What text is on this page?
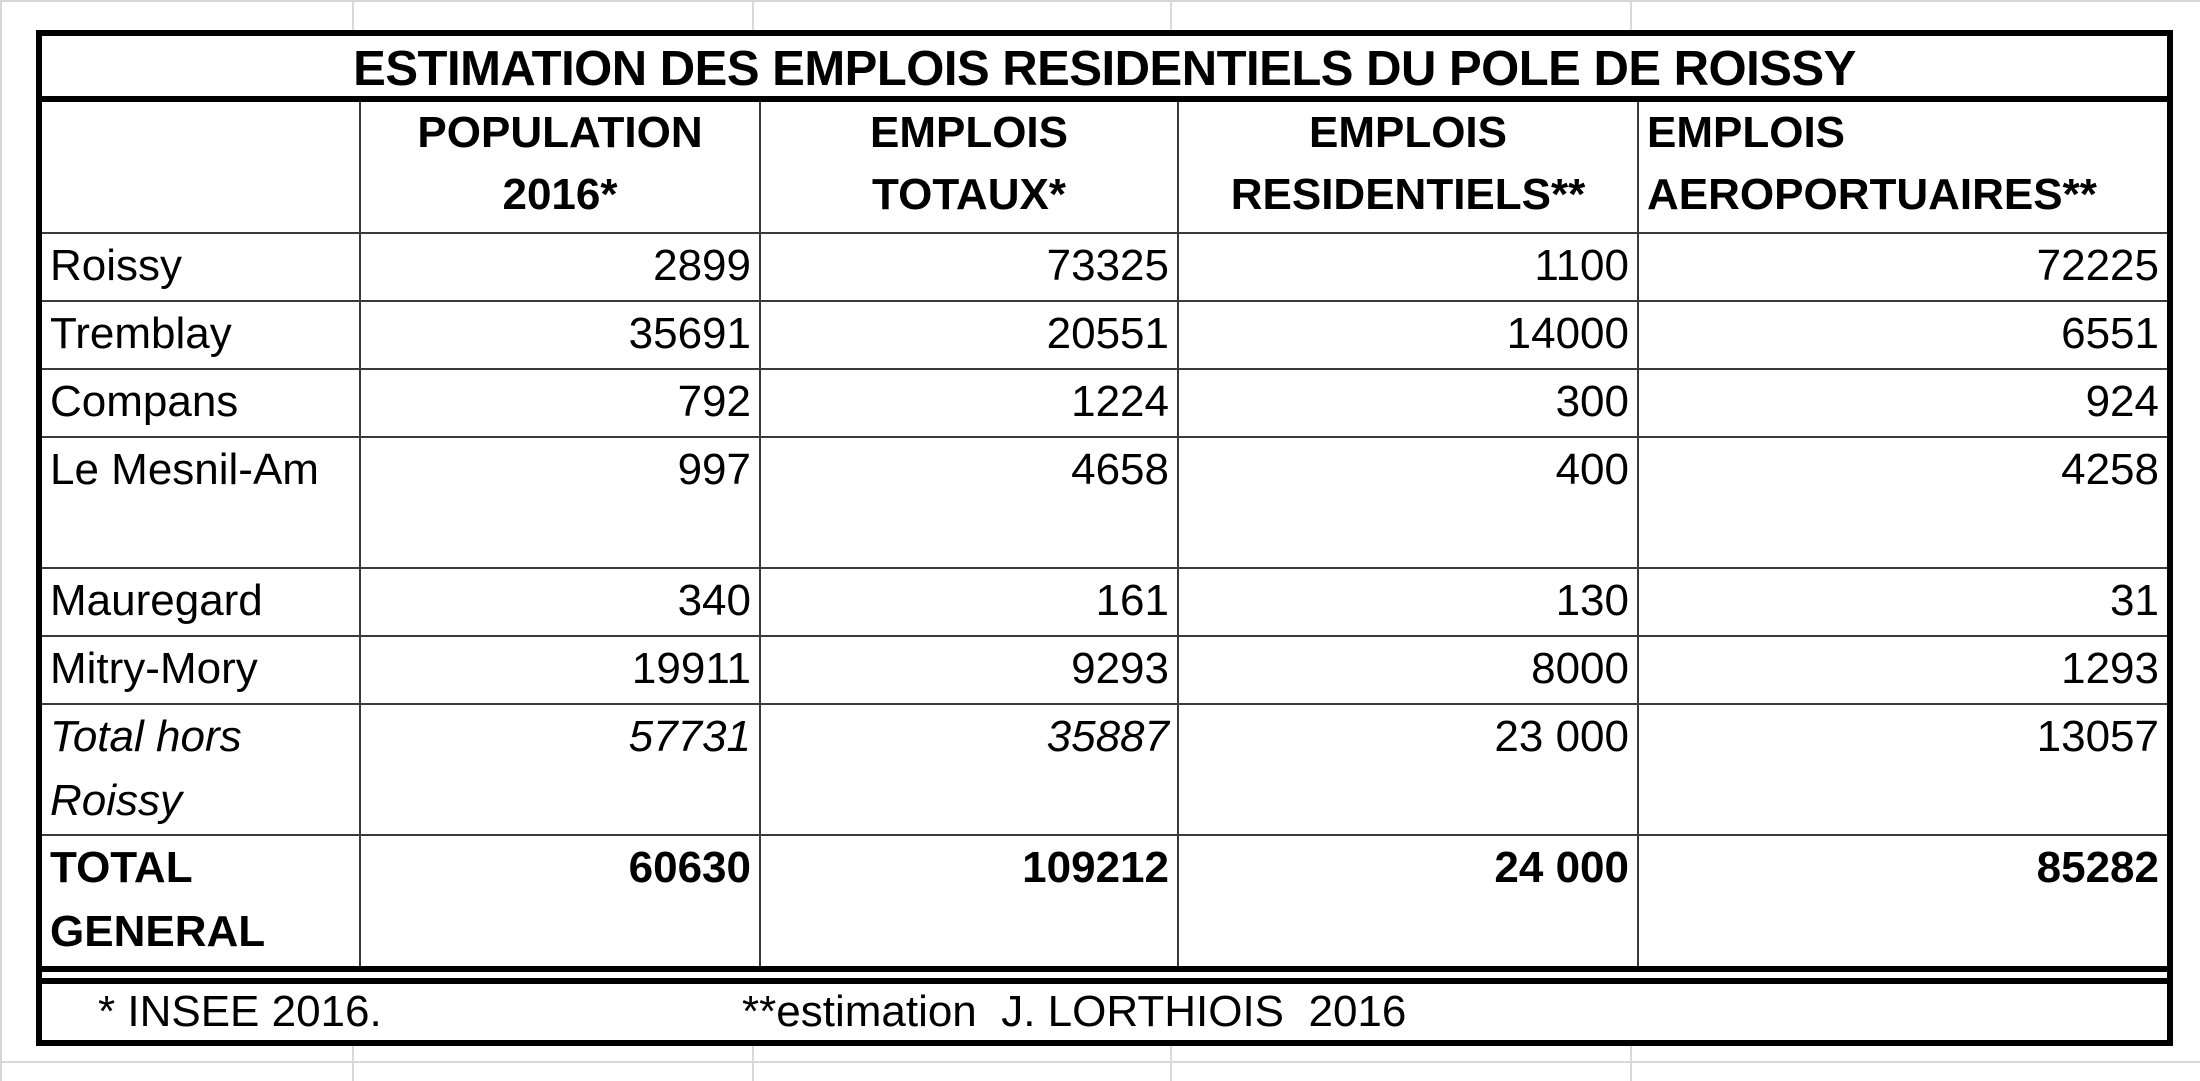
ESTIMATION DES EMPLOIS RESIDENTIELS DU POLE DE ROISSY
	POPULATION 2016*	EMPLOIS TOTAUX*	EMPLOIS RESIDENTIELS**	EMPLOIS AEROPORTUAIRES**
Roissy	2899	73325	1100	72225
Tremblay	35691	20551	14000	6551
Compans	792	1224	300	924
Le Mesnil-Am	997	4658	400	4258
Mauregard	340	161	130	31
Mitry-Mory	19911	9293	8000	1293
Total hors Roissy	57731	35887	23 000	13057
TOTAL GENERAL	60630	109212	24 000	85282
* INSEE 2016.	**estimation  J. LORTHIOIS  2016
